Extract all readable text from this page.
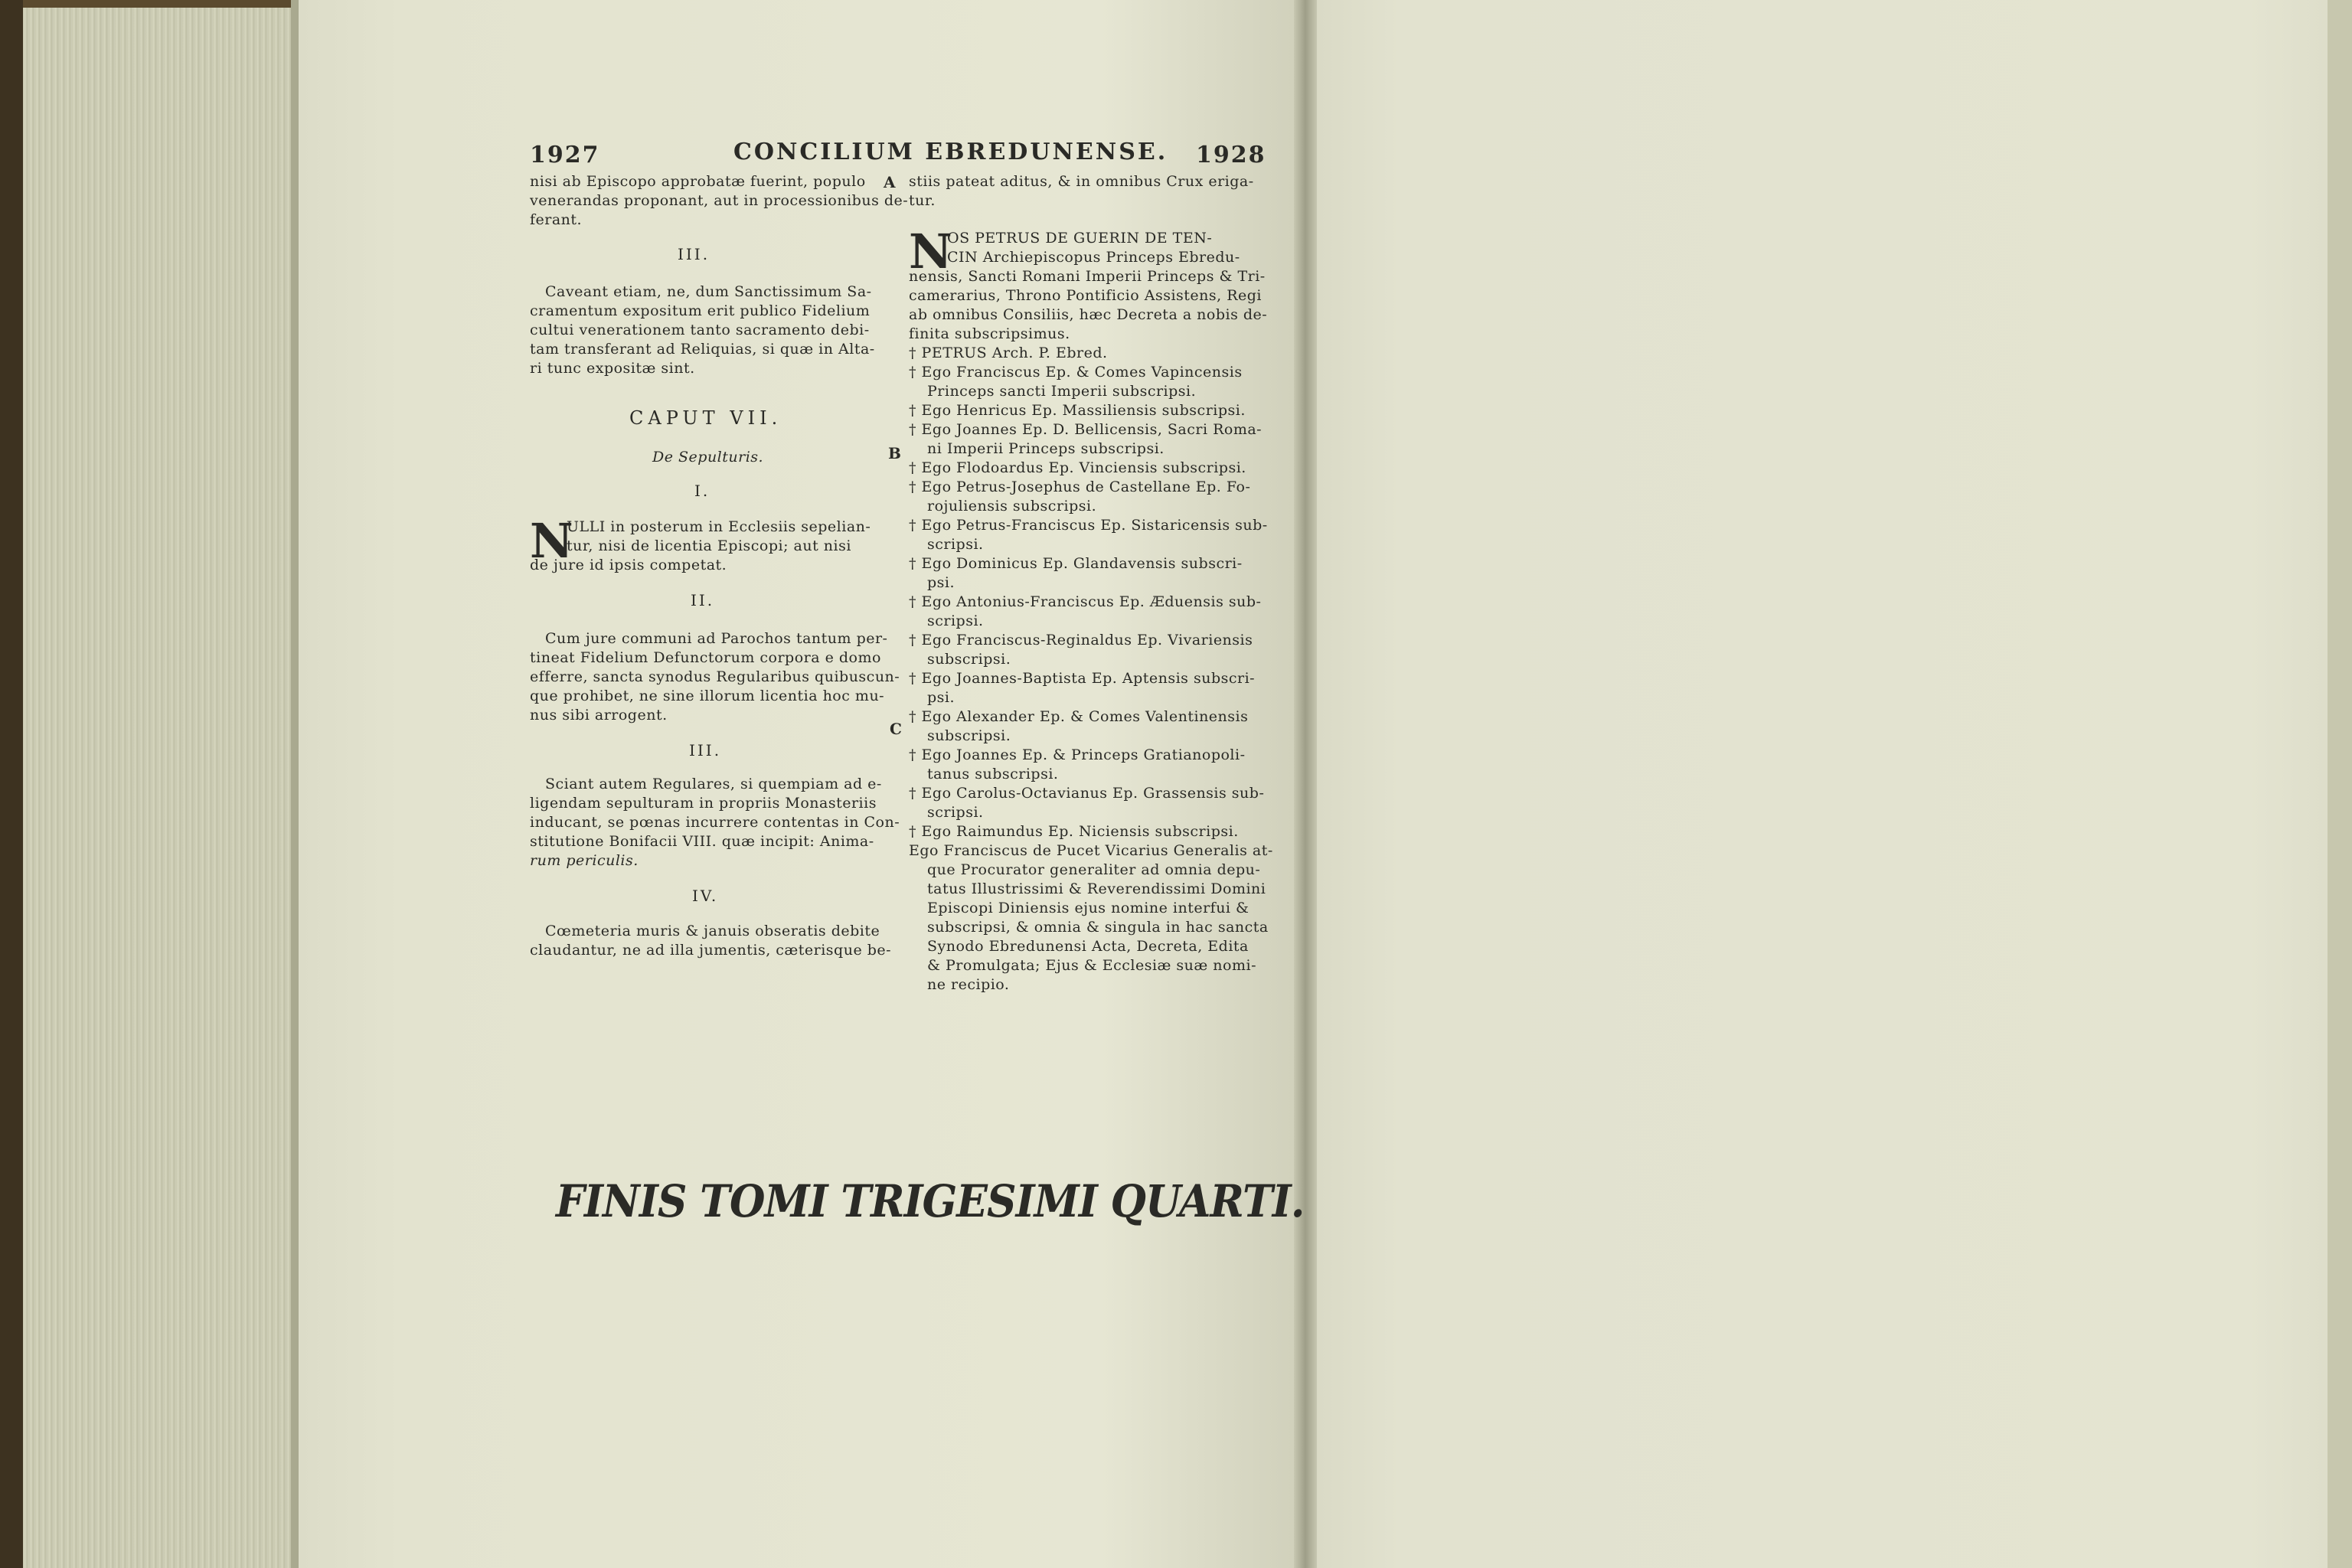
1927	CONCILIUM EBREDUNENSE. 1928
nisi ab Episcopo approbatæ fuerint, populo
venerandas proponant, aut in processionibus de-
ferant.
III.
Caveant etiam, ne, dum Sanctissimum Sa-
cramentum expositum erit publico Fidelium
cultui venerationem tanto sacramento debi-
tam transferant ad Reliquias, si quæ in Alta-
ri tunc expositæ sint.
CAPUT VII.
De Sepulturis.
I.
N
ULLI in posterum in Ecclesiis sepelian-
tur, nisi de licentia Episcopi; aut nisi
de jure id ipsis competat.
II.
Cum jure communi ad Parochos tantum per-
tineat Fidelium Defunctorum corpora e domo
efferre, sancta synodus Regularibus quibuscun-
que prohibet, ne sine illorum licentia hoc mu-
nus sibi arrogent.
III.
Sciant autem Regulares, si quempiam ad e-
ligendam sepulturam in propriis Monasteriis
inducant, se pœnas incurrere contentas in Con-
stitutione Bonifacii VIII. quæ incipit: Anima-
rum periculis.
IV.
Cœmeteria muris & januis obseratis debite
claudantur, ne ad illa jumentis, cæterisque be-
A
B
C
stiis pateat aditus, & in omnibus Crux eriga-
tur.
N
OS PETRUS DE GUERIN DE TEN-
CIN Archiepiscopus Princeps Ebredu-
nensis, Sancti Romani Imperii Princeps & Tri-
camerarius, Throno Pontificio Assistens, Regi
ab omnibus Consiliis, hæc Decreta a nobis de-
finita subscripsimus.
† PETRUS Arch. P. Ebred.
† Ego Franciscus Ep. & Comes Vapincensis
Princeps sancti Imperii subscripsi.
† Ego Henricus Ep. Massiliensis subscripsi.
† Ego Joannes Ep. D. Bellicensis, Sacri Roma-
ni Imperii Princeps subscripsi.
† Ego Flodoardus Ep. Vinciensis subscripsi.
† Ego Petrus-Josephus de Castellane Ep. Fo-
rojuliensis subscripsi.
† Ego Petrus-Franciscus Ep. Sistaricensis sub-
scripsi.
† Ego Dominicus Ep. Glandavensis subscri-
psi.
† Ego Antonius-Franciscus Ep. Æduensis sub-
scripsi.
† Ego Franciscus-Reginaldus Ep. Vivariensis
subscripsi.
† Ego Joannes-Baptista Ep. Aptensis subscri-
psi.
† Ego Alexander Ep. & Comes Valentinensis
subscripsi.
† Ego Joannes Ep. & Princeps Gratianopoli-
tanus subscripsi.
† Ego Carolus-Octavianus Ep. Grassensis sub-
scripsi.
† Ego Raimundus Ep. Niciensis subscripsi.
Ego Franciscus de Pucet Vicarius Generalis at-
que Procurator generaliter ad omnia depu-
tatus Illustrissimi & Reverendissimi Domini
Episcopi Diniensis ejus nomine interfui &
subscripsi, & omnia & singula in hac sancta
Synodo Ebredunensi Acta, Decreta, Edita
& Promulgata; Ejus & Ecclesiæ suæ nomi-
ne recipio.
FINIS TOMI TRIGESIMI QUARTI.
